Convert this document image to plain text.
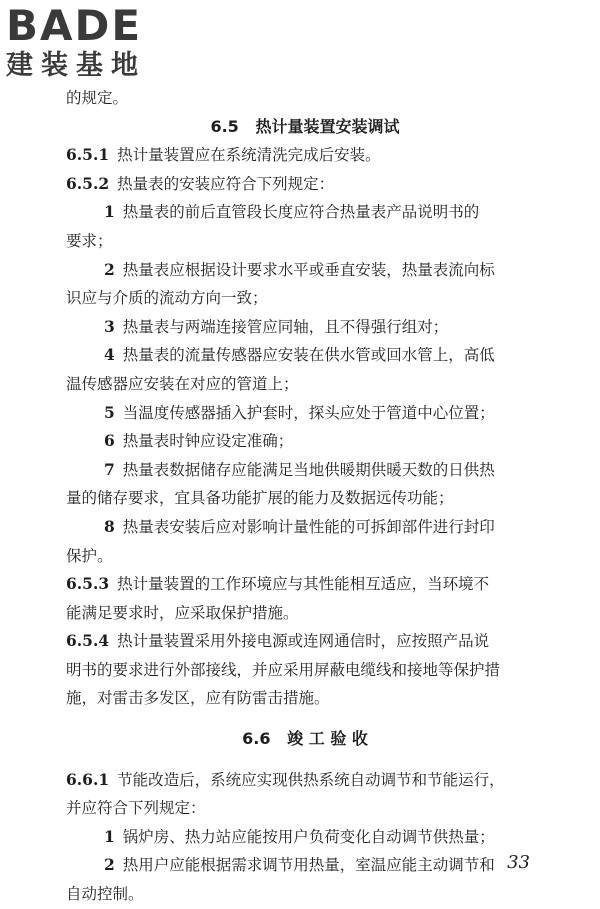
BADE
建装基地
的规定。
6.5 热计量装置安装调试
6.5.1 热计量装置应在系统清洗完成后安装。
6.5.2 热量表的安装应符合下列规定：
1 热量表的前后直管段长度应符合热量表产品说明书的
要求；
2 热量表应根据设计要求水平或垂直安装，热量表流向标
识应与介质的流动方向一致；
3 热量表与两端连接管应同轴，且不得强行组对；
4 热量表的流量传感器应安装在供水管或回水管上，高低
温传感器应安装在对应的管道上；
5 当温度传感器插入护套时，探头应处于管道中心位置；
6 热量表时钟应设定准确；
7 热量表数据储存应能满足当地供暖期供暖天数的日供热
量的储存要求，宜具备功能扩展的能力及数据远传功能；
8 热量表安装后应对影响计量性能的可拆卸部件进行封印
保护。
6.5.3 热计量装置的工作环境应与其性能相互适应，当环境不
能满足要求时，应采取保护措施。
6.5.4 热计量装置采用外接电源或连网通信时，应按照产品说
明书的要求进行外部接线，并应采用屏蔽电缆线和接地等保护措
施，对雷击多发区，应有防雷击措施。
6.6 竣 工 验 收
6.6.1 节能改造后，系统应实现供热系统自动调节和节能运行，
并应符合下列规定：
1 锅炉房、热力站应能按用户负荷变化自动调节供热量；
2 热用户应能根据需求调节用热量，室温应能主动调节和
自动控制。
33
